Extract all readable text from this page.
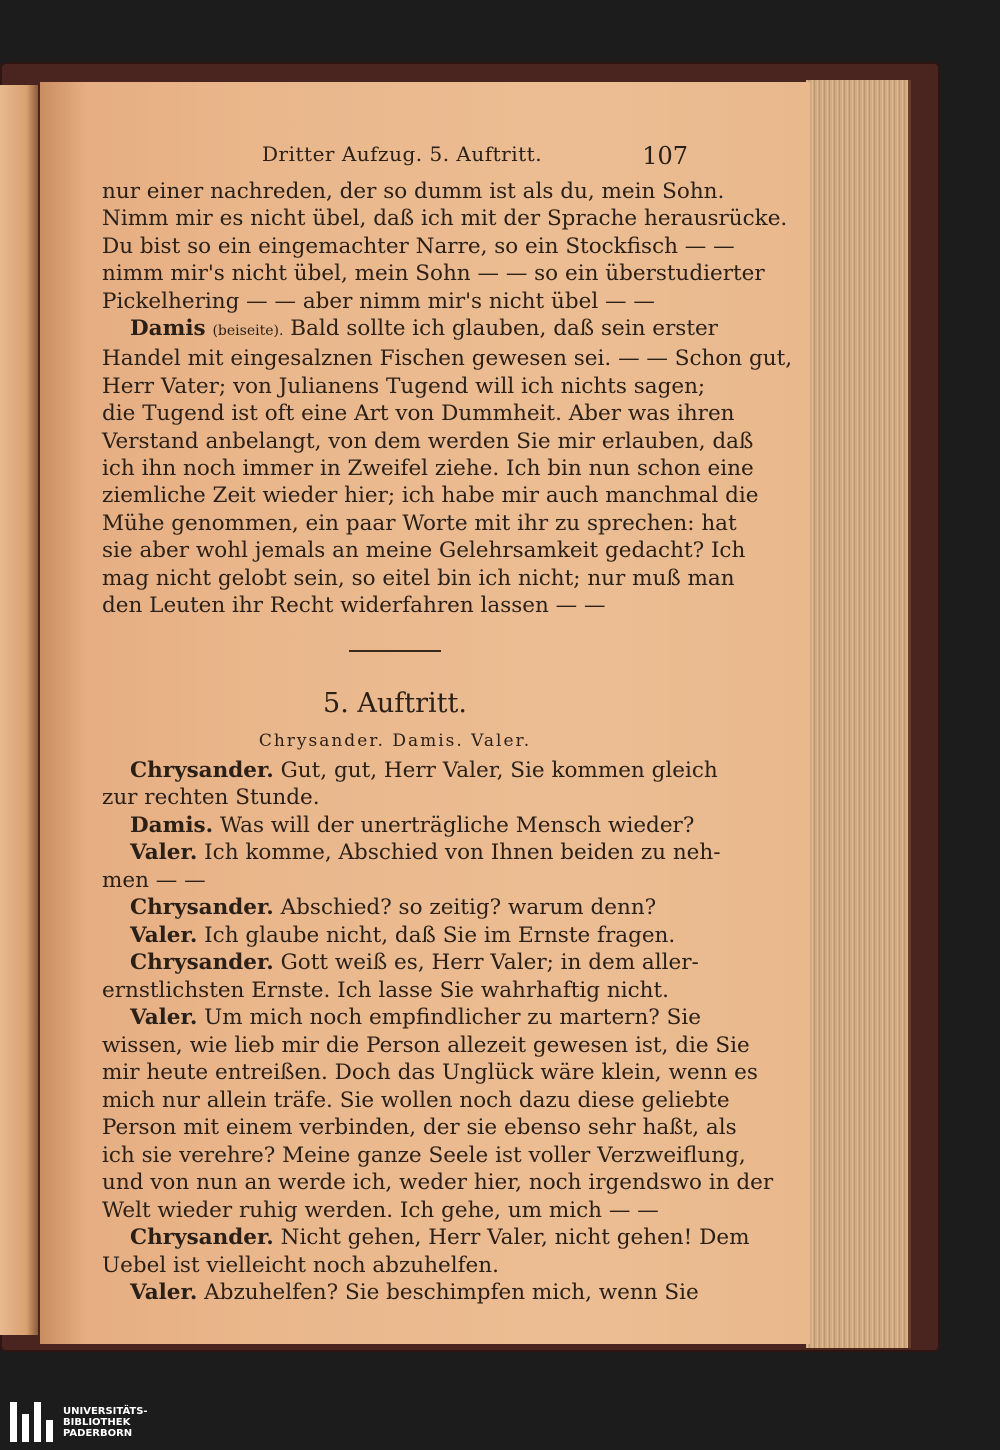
Dritter Aufzug. 5. Auftritt.	107
nur einer nachreden, der so dumm ist als du, mein Sohn.
Nimm mir es nicht übel, daß ich mit der Sprache herausrücke.
Du bist so ein eingemachter Narre, so ein Stockfisch — —
nimm mir's nicht übel, mein Sohn — — so ein überstudierter
Pickelhering — — aber nimm mir's nicht übel — —
Damis (beiseite). Bald sollte ich glauben, daß sein erster
Handel mit eingesalznen Fischen gewesen sei. — — Schon gut,
Herr Vater; von Julianens Tugend will ich nichts sagen;
die Tugend ist oft eine Art von Dummheit. Aber was ihren
Verstand anbelangt, von dem werden Sie mir erlauben, daß
ich ihn noch immer in Zweifel ziehe. Ich bin nun schon eine
ziemliche Zeit wieder hier; ich habe mir auch manchmal die
Mühe genommen, ein paar Worte mit ihr zu sprechen: hat
sie aber wohl jemals an meine Gelehrsamkeit gedacht? Ich
mag nicht gelobt sein, so eitel bin ich nicht; nur muß man
den Leuten ihr Recht widerfahren lassen — —
5. Auftritt.
Chrysander. Damis. Valer.
Chrysander. Gut, gut, Herr Valer, Sie kommen gleich
zur rechten Stunde.
Damis. Was will der unerträgliche Mensch wieder?
Valer. Ich komme, Abschied von Ihnen beiden zu neh-
men — —
Chrysander. Abschied? so zeitig? warum denn?
Valer. Ich glaube nicht, daß Sie im Ernste fragen.
Chrysander. Gott weiß es, Herr Valer; in dem aller-
ernstlichsten Ernste. Ich lasse Sie wahrhaftig nicht.
Valer. Um mich noch empfindlicher zu martern? Sie
wissen, wie lieb mir die Person allezeit gewesen ist, die Sie
mir heute entreißen. Doch das Unglück wäre klein, wenn es
mich nur allein träfe. Sie wollen noch dazu diese geliebte
Person mit einem verbinden, der sie ebenso sehr haßt, als
ich sie verehre? Meine ganze Seele ist voller Verzweiflung,
und von nun an werde ich, weder hier, noch irgendswo in der
Welt wieder ruhig werden. Ich gehe, um mich — —
Chrysander. Nicht gehen, Herr Valer, nicht gehen! Dem
Uebel ist vielleicht noch abzuhelfen.
Valer. Abzuhelfen? Sie beschimpfen mich, wenn Sie
UNIVERSITÄTS-
BIBLIOTHEK
PADERBORN
